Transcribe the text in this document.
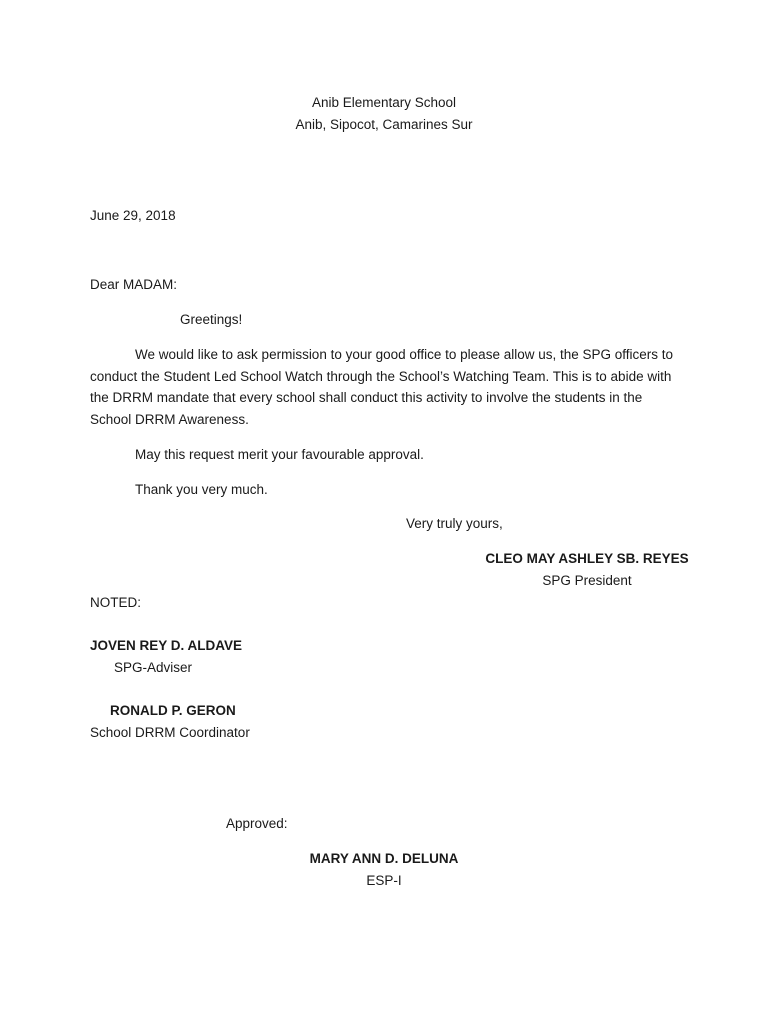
Anib Elementary School
Anib, Sipocot, Camarines Sur
June 29, 2018
Dear MADAM:
Greetings!
We would like to ask permission to your good office to please allow us, the SPG officers to conduct the Student Led School Watch through the School’s Watching Team. This is to abide with the DRRM mandate that every school shall conduct this activity to involve the students in the School DRRM Awareness.
May this request merit your favourable approval.
Thank you very much.
Very truly yours,
CLEO MAY ASHLEY SB. REYES
SPG President
NOTED:
JOVEN REY D. ALDAVE
SPG-Adviser
RONALD P. GERON
School DRRM Coordinator
Approved:
MARY ANN D. DELUNA
ESP-I
